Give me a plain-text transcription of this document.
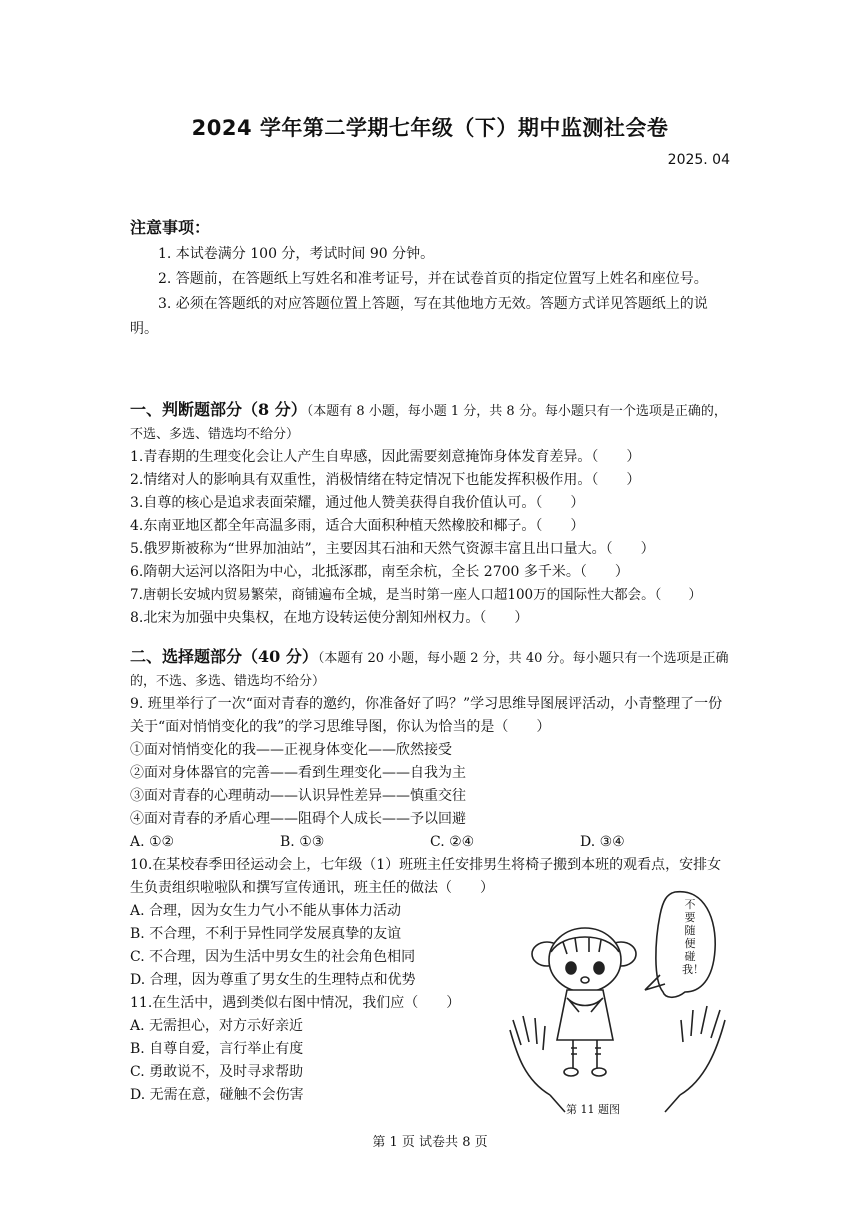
2024 学年第二学期七年级（下）期中监测社会卷
2025. 04
注意事项：

1. 本试卷满分 100 分，考试时间 90 分钟。

2. 答题前，在答题纸上写姓名和准考证号，并在试卷首页的指定位置写上姓名和座位号。

3. 必须在答题纸的对应答题位置上答题，写在其他地方无效。答题方式详见答题纸上的说明。

一、判断题部分（8 分）（本题有 8 小题，每小题 1 分，共 8 分。每小题只有一个选项是正确的，不选、多选、错选均不给分）

1.青春期的生理变化会让人产生自卑感，因此需要刻意掩饰身体发育差异。（　　）

2.情绪对人的影响具有双重性，消极情绪在特定情况下也能发挥积极作用。（　　）

3.自尊的核心是追求表面荣耀，通过他人赞美获得自我价值认可。（　　）

4.东南亚地区都全年高温多雨，适合大面积种植天然橡胶和椰子。（　　）

5.俄罗斯被称为“世界加油站”，主要因其石油和天然气资源丰富且出口量大。（　　）

6.隋朝大运河以洛阳为中心，北抵涿郡，南至余杭，全长 2700 多千米。（　　）

7.唐朝长安城内贸易繁荣，商铺遍布全城，是当时第一座人口超100万的国际性大都会。（　　）

8.北宋为加强中央集权，在地方设转运使分割知州权力。（　　）

二、选择题部分（40 分）（本题有 20 小题，每小题 2 分，共 40 分。每小题只有一个选项是正确的，不选、多选、错选均不给分）

9. 班里举行了一次“面对青春的邀约，你准备好了吗？”学习思维导图展评活动，小青整理了一份关于“面对悄悄变化的我”的学习思维导图，你认为恰当的是（　　）

①面对悄悄变化的我——正视身体变化——欣然接受

②面对身体器官的完善——看到生理变化——自我为主

③面对青春的心理萌动——认识异性差异——慎重交往

④面对青春的矛盾心理——阻碍个人成长——予以回避

A. ①②	B. ①③	C. ②④	D. ③④

10.在某校春季田径运动会上，七年级（1）班班主任安排男生将椅子搬到本班的观看点，安排女生负责组织啦啦队和撰写宣传通讯，班主任的做法（　　）

A. 合理，因为女生力气小不能从事体力活动

B. 不合理，不利于异性同学发展真挚的友谊

C. 不合理，因为生活中男女生的社会角色相同

D. 合理，因为尊重了男女生的生理特点和优势

11.在生活中，遇到类似右图中情况，我们应（　　）

A. 无需担心，对方示好亲近

B. 自尊自爱，言行举止有度

C. 勇敢说不，及时寻求帮助

D. 无需在意，碰触不会伤害

不要随便碰我！
第 11 题图
第 1 页 试卷共 8 页
